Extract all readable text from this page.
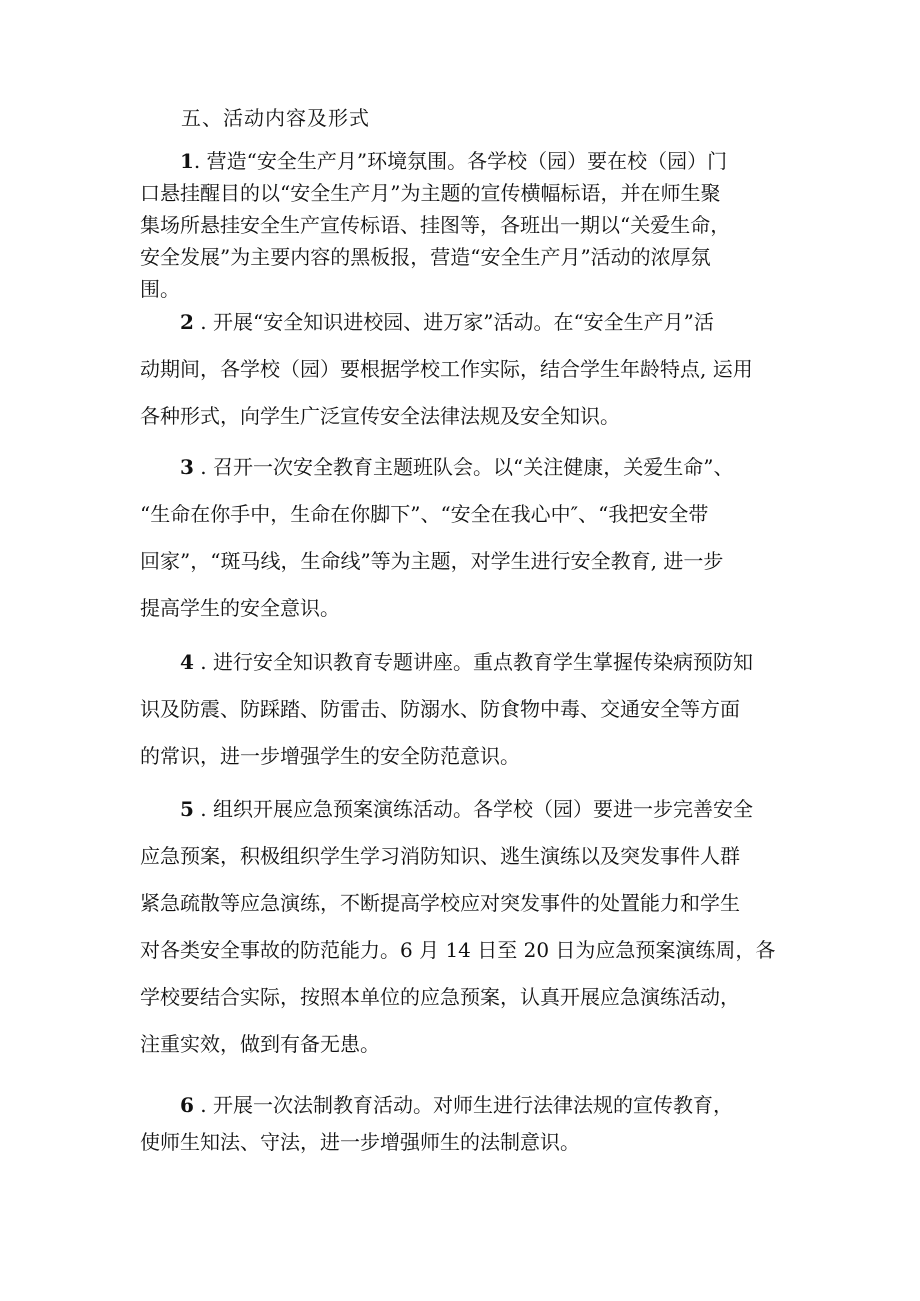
五、活动内容及形式
1. 营造“安全生产月”环境氛围。各学校（园）要在校（园）门
口悬挂醒目的以“安全生产月”为主题的宣传横幅标语，并在师生聚
集场所悬挂安全生产宣传标语、挂图等，各班出一期以“关爱生命，
安全发展”为主要内容的黑板报，营造“安全生产月”活动的浓厚氛
围。
2 . 开展“安全知识进校园、进万家”活动。在“安全生产月”活
动期间，各学校（园）要根据学校工作实际，结合学生年龄特点, 运用
各种形式，向学生广泛宣传安全法律法规及安全知识。
3 . 召开一次安全教育主题班队会。以“关注健康，关爱生命”、
“生命在你手中，生命在你脚下”、“安全在我心中″、“我把安全带
回家”，“斑马线，生命线”等为主题，对学生进行安全教育, 进一步
提高学生的安全意识。
4 . 进行安全知识教育专题讲座。重点教育学生掌握传染病预防知
识及防震、防踩踏、防雷击、防溺水、防食物中毒、交通安全等方面
的常识，进一步增强学生的安全防范意识。
5 . 组织开展应急预案演练活动。各学校（园）要进一步完善安全
应急预案，积极组织学生学习消防知识、逃生演练以及突发事件人群
紧急疏散等应急演练，不断提高学校应对突发事件的处置能力和学生
对各类安全事故的防范能力。6 月 14 日至 20 日为应急预案演练周，各
学校要结合实际，按照本单位的应急预案，认真开展应急演练活动，
注重实效，做到有备无患。
6 . 开展一次法制教育活动。对师生进行法律法规的宣传教育，
使师生知法、守法，进一步增强师生的法制意识。
